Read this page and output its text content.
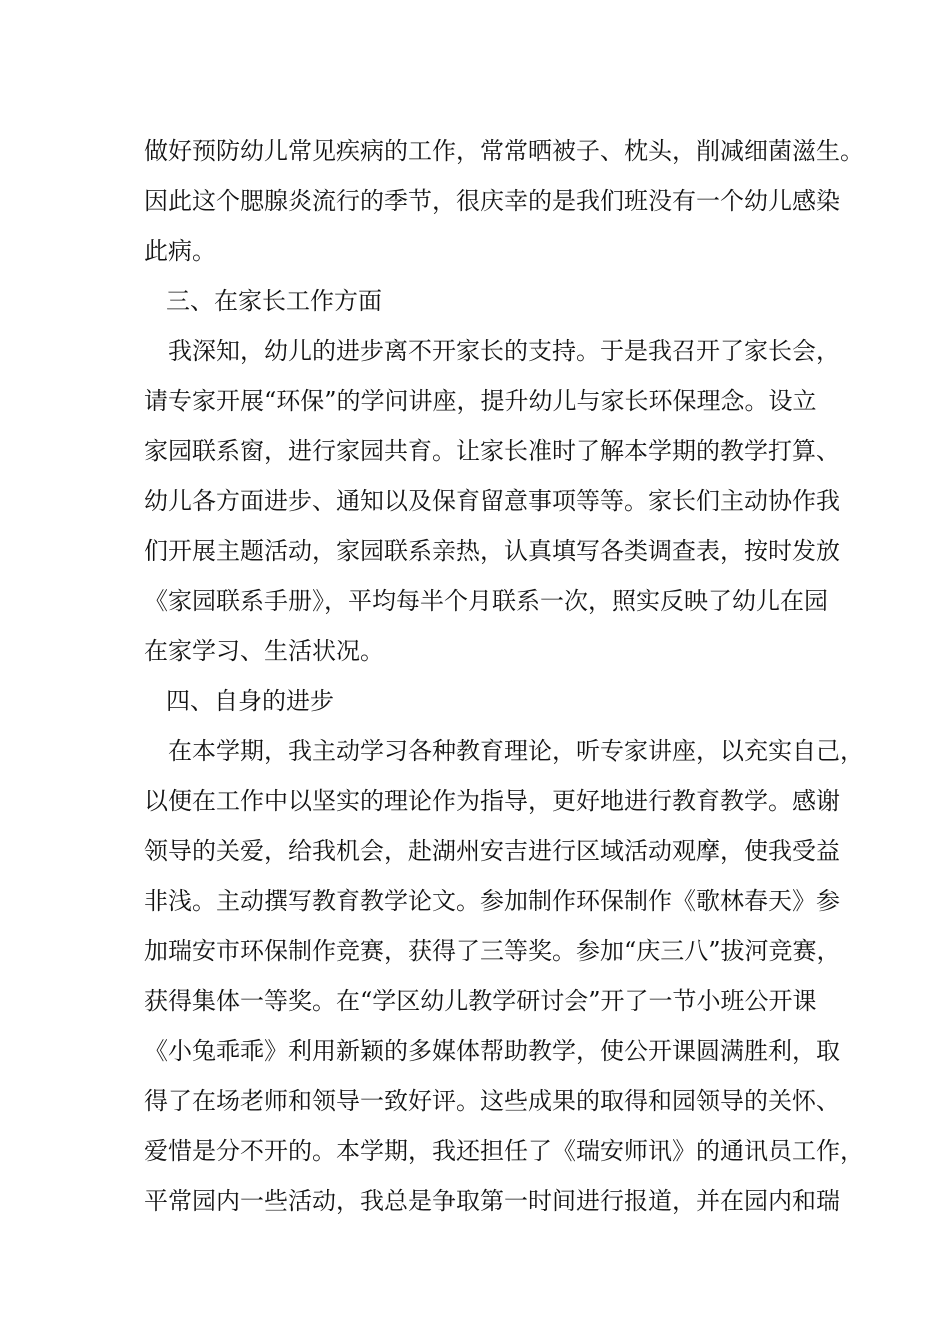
做好预防幼儿常见疾病的工作，常常晒被子、枕头，削减细菌滋生。
因此这个腮腺炎流行的季节，很庆幸的是我们班没有一个幼儿感染
此病。
三、在家长工作方面
我深知，幼儿的进步离不开家长的支持。于是我召开了家长会，
请专家开展“环保”的学问讲座，提升幼儿与家长环保理念。设立
家园联系窗，进行家园共育。让家长准时了解本学期的教学打算、
幼儿各方面进步、通知以及保育留意事项等等。家长们主动协作我
们开展主题活动，家园联系亲热，认真填写各类调查表，按时发放
《家园联系手册》，平均每半个月联系一次，照实反映了幼儿在园
在家学习、生活状况。
四、自身的进步
在本学期，我主动学习各种教育理论，听专家讲座，以充实自己，
以便在工作中以坚实的理论作为指导，更好地进行教育教学。感谢
领导的关爱，给我机会，赴湖州安吉进行区域活动观摩，使我受益
非浅。主动撰写教育教学论文。参加制作环保制作《歌林春天》参
加瑞安市环保制作竞赛，获得了三等奖。参加“庆三八”拔河竞赛，
获得集体一等奖。在“学区幼儿教学研讨会”开了一节小班公开课
《小兔乖乖》利用新颖的多媒体帮助教学，使公开课圆满胜利，取
得了在场老师和领导一致好评。这些成果的取得和园领导的关怀、
爱惜是分不开的。本学期，我还担任了《瑞安师讯》的通讯员工作，
平常园内一些活动，我总是争取第一时间进行报道，并在园内和瑞
